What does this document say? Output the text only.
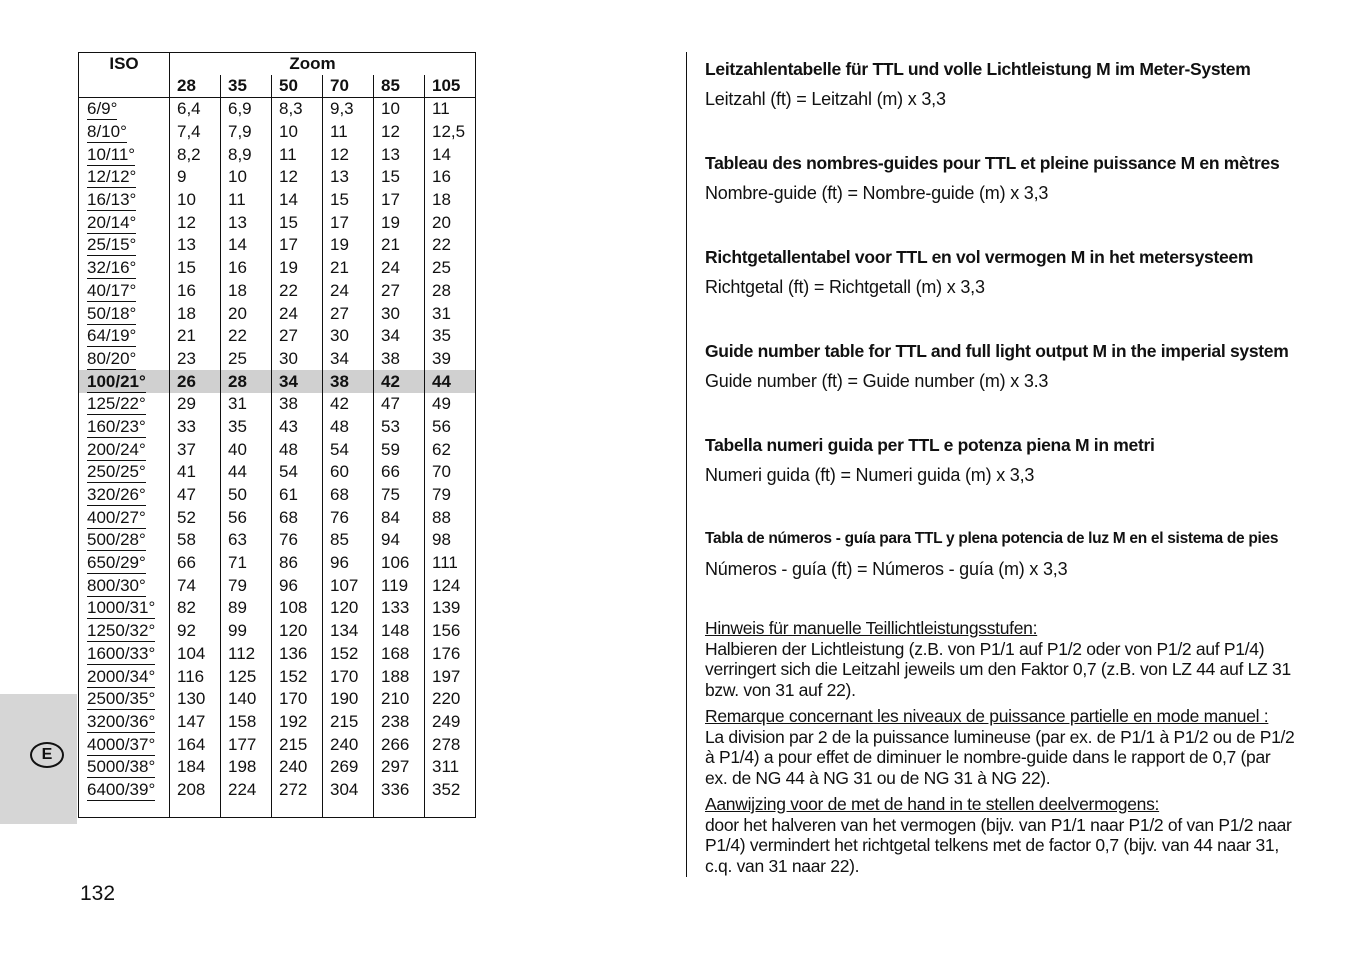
E
132
ISO	Zoom					
	28	35	50	70	85	105
6/9°	6,4	6,9	8,3	9,3	10	11
8/10°	7,4	7,9	10	11	12	12,5
10/11°	8,2	8,9	11	12	13	14
12/12°	9	10	12	13	15	16
16/13°	10	11	14	15	17	18
20/14°	12	13	15	17	19	20
25/15°	13	14	17	19	21	22
32/16°	15	16	19	21	24	25
40/17°	16	18	22	24	27	28
50/18°	18	20	24	27	30	31
64/19°	21	22	27	30	34	35
80/20°	23	25	30	34	38	39
100/21°	26	28	34	38	42	44
125/22°	29	31	38	42	47	49
160/23°	33	35	43	48	53	56
200/24°	37	40	48	54	59	62
250/25°	41	44	54	60	66	70
320/26°	47	50	61	68	75	79
400/27°	52	56	68	76	84	88
500/28°	58	63	76	85	94	98
650/29°	66	71	86	96	106	111
800/30°	74	79	96	107	119	124
1000/31°	82	89	108	120	133	139
1250/32°	92	99	120	134	148	156
1600/33°	104	112	136	152	168	176
2000/34°	116	125	152	170	188	197
2500/35°	130	140	170	190	210	220
3200/36°	147	158	192	215	238	249
4000/37°	164	177	215	240	266	278
5000/38°	184	198	240	269	297	311
6400/39°	208	224	272	304	336	352

Leitzahlentabelle für TTL und volle Lichtleistung M im Meter-System
Leitzahl (ft) = Leitzahl (m) x 3,3
Tableau des nombres-guides pour TTL et pleine puissance M en mètres
Nombre-guide (ft) = Nombre-guide (m) x 3,3
Richtgetallentabel voor TTL en vol vermogen M in het metersysteem
Richtgetal (ft) = Richtgetall (m) x 3,3
Guide number table for TTL and full light output M in the imperial system
Guide number (ft) = Guide number (m) x 3.3
Tabella numeri guida per TTL e potenza piena M in metri
Numeri guida (ft) = Numeri guida (m) x 3,3
Tabla de números - guía para TTL y plena potencia de luz M en el sistema de pies
Números - guía (ft) = Números - guía (m) x 3,3
Hinweis für manuelle Teillichtleistungsstufen:
Halbieren der Lichtleistung (z.B. von P1/1 auf P1/2 oder von P1/2 auf P1/4) verringert sich die Leitzahl jeweils um den Faktor 0,7 (z.B. von LZ 44 auf LZ 31 bzw. von 31 auf 22).
Remarque concernant les niveaux de puissance partielle en mode manuel :
La division par 2 de la puissance lumineuse (par ex. de P1/1 à P1/2 ou de P1/2 à P1/4) a pour effet de diminuer le nombre-guide dans le rapport de 0,7 (par ex. de NG 44 à NG 31 ou de NG 31 à NG 22).
Aanwijzing voor de met de hand in te stellen deelvermogens:
door het halveren van het vermogen (bijv. van P1/1 naar P1/2 of van P1/2 naar P1/4) vermindert het richtgetal telkens met de factor 0,7 (bijv. van 44 naar 31, c.q. van 31 naar 22).
